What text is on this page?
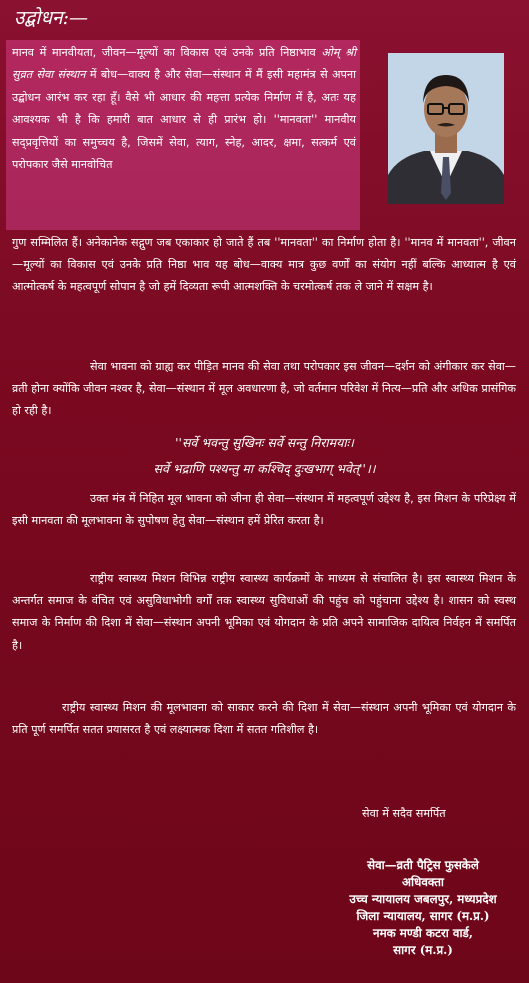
उद्बोधन:—
मानव में मानवीयता, जीवन—मूल्यों का विकास एवं उनके प्रति निष्ठाभाव ओम् श्री सुव्रत सेवा संस्थान में बोध—वाक्य है और सेवा—संस्थान में मैं इसी महामंत्र से अपना उद्बोधन आरंभ कर रहा हूँ। वैसे भी आधार की महत्ता प्रत्येक निर्माण में है, अतः यह आवश्यक भी है कि हमारी बात आधार से ही प्रारंभ हो। ''मानवता'' मानवीय सद्प्रवृत्तियों का समुच्चय है, जिसमें सेवा, त्याग, स्नेह, आदर, क्षमा, सत्कर्म एवं परोपकार जैसे मानवोचित
गुण सम्मिलित हैं। अनेकानेक सद्गुण जब एकाकार हो जाते हैं तब ''मानवता'' का निर्माण होता है। ''मानव में मानवता'', जीवन—मूल्यों का विकास एवं उनके प्रति निष्ठा भाव यह बोध—वाक्य मात्र कुछ वर्णों का संयोग नहीं बल्कि आध्यात्म है एवं आत्मोत्कर्ष के महत्वपूर्ण सोपान है जो हमें दिव्यता रूपी आत्मशक्ति के चरमोत्कर्ष तक ले जाने में सक्षम है।
सेवा भावना को ग्राह्य कर पीड़ित मानव की सेवा तथा परोपकार इस जीवन—दर्शन को अंगीकार कर सेवा—व्रती होना क्योंकि जीवन नश्वर है, सेवा—संस्थान में मूल अवधारणा है, जो वर्तमान परिवेश में नित्य—प्रति और अधिक प्रासंगिक हो रही है।
''सर्वे भवन्तु सुखिनः सर्वे सन्तु निरामयाः।
सर्वे भद्राणि पश्यन्तु मा कश्चिद् दुःखभाग् भवेत्''।।
उक्त मंत्र में निहित मूल भावना को जीना ही सेवा—संस्थान में महत्वपूर्ण उद्देश्य है, इस मिशन के परिप्रेक्ष्य में इसी मानवता की मूलभावना के सुपोषण हेतु सेवा—संस्थान हमें प्रेरित करता है।
राष्ट्रीय स्वास्थ्य मिशन विभिन्न राष्ट्रीय स्वास्थ्य कार्यक्रमों के माध्यम से संचालित है। इस स्वास्थ्य मिशन के अन्तर्गत समाज के वंचित एवं असुविधाभोगी वर्गों तक स्वास्थ्य सुविधाओं की पहुंच को पहुंचाना उद्देश्य है। शासन को स्वस्थ समाज के निर्माण की दिशा में सेवा—संस्थान अपनी भूमिका एवं योगदान के प्रति अपने सामाजिक दायित्व निर्वहन में समर्पित है।
राष्ट्रीय स्वास्थ्य मिशन की मूलभावना को साकार करने की दिशा में सेवा—संस्थान अपनी भूमिका एवं योगदान के प्रति पूर्ण समर्पित सतत प्रयासरत है एवं लक्ष्यात्मक दिशा में सतत गतिशील है।
सेवा में सदैव समर्पित
सेवा—व्रती पैट्रिस फुसकेले
अधिवक्ता
उच्च न्यायालय जबलपुर, मध्यप्रदेश
जिला न्यायालय, सागर (म.प्र.)
नमक मण्डी कटरा वार्ड,
सागर (म.प्र.)
